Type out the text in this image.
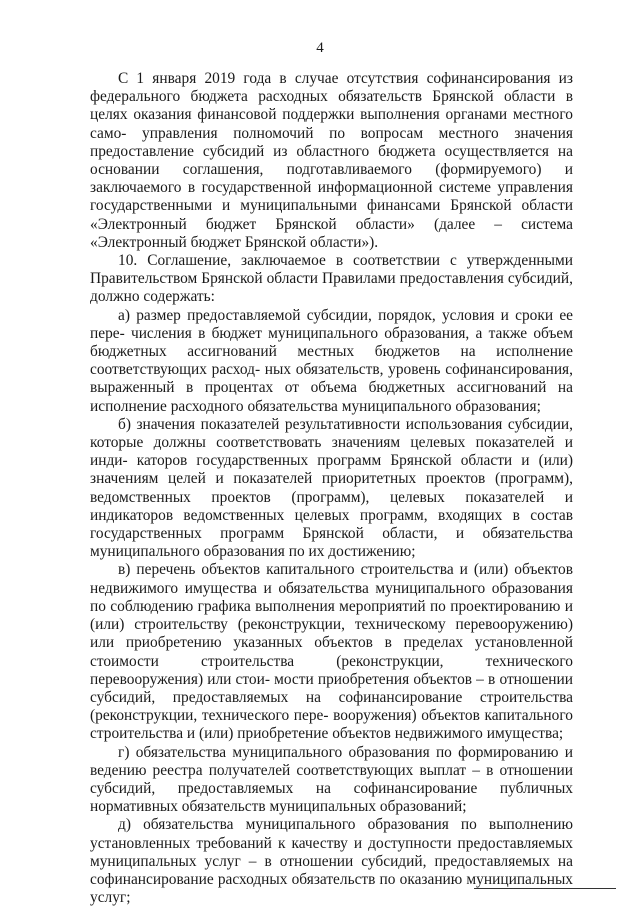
4

С 1 января 2019 года в случае отсутствия софинансирования из федерального бюджета расходных обязательств Брянской области в целях оказания финансовой поддержки выполнения органами местного само- управления полномочий по вопросам местного значения предоставление субсидий из областного бюджета осуществляется на основании соглашения, подготавливаемого (формируемого) и заключаемого в государственной информационной системе управления государственными и муниципальными финансами Брянской области «Электронный бюджет Брянской области» (далее – система «Электронный бюджет Брянской области»).

10. Соглашение, заключаемое в соответствии с утвержденными Правительством Брянской области Правилами предоставления субсидий, должно содержать:

а) размер предоставляемой субсидии, порядок, условия и сроки ее пере- числения в бюджет муниципального образования, а также объем бюджетных ассигнований местных бюджетов на исполнение соответствующих расход- ных обязательств, уровень софинансирования, выраженный в процентах от объема бюджетных ассигнований на исполнение расходного обязательства муниципального образования;

б) значения показателей результативности использования субсидии, которые должны соответствовать значениям целевых показателей и инди- каторов государственных программ Брянской области и (или) значениям целей и показателей приоритетных проектов (программ), ведомственных проектов (программ), целевых показателей и индикаторов ведомственных целевых программ, входящих в состав государственных программ Брянской области, и обязательства муниципального образования по их достижению;

в) перечень объектов капитального строительства и (или) объектов недвижимого имущества и обязательства муниципального образования по соблюдению графика выполнения мероприятий по проектированию и (или) строительству (реконструкции, техническому перевооружению) или приобретению указанных объектов в пределах установленной стоимости строительства (реконструкции, технического перевооружения) или стои- мости приобретения объектов – в отношении субсидий, предоставляемых на софинансирование строительства (реконструкции, технического пере- вооружения) объектов капитального строительства и (или) приобретение объектов недвижимого имущества;

г) обязательства муниципального образования по формированию и ведению реестра получателей соответствующих выплат – в отношении субсидий, предоставляемых на софинансирование публичных нормативных обязательств муниципальных образований;

д) обязательства муниципального образования по выполнению установленных требований к качеству и доступности предоставляемых муниципальных услуг – в отношении субсидий, предоставляемых на софинансирование расходных обязательств по оказанию муниципальных услуг;
